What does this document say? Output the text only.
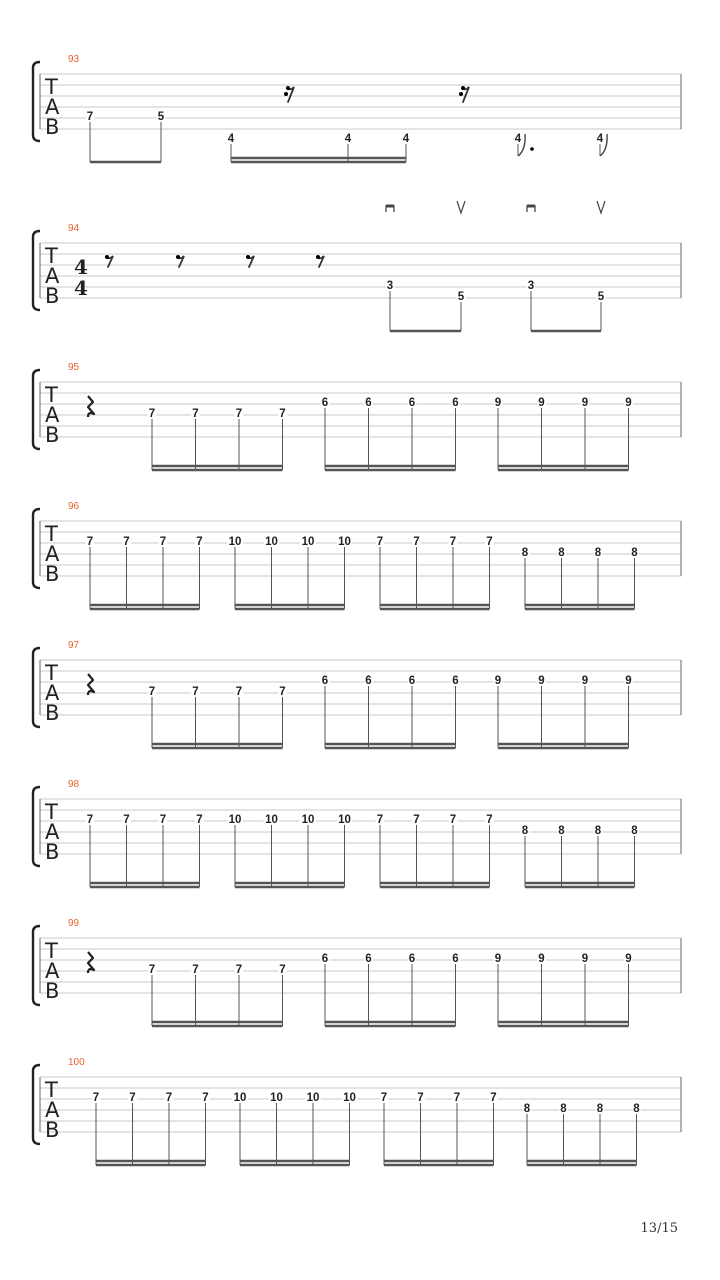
T
A
B
93
7	5
4	4	4	4	4
T
A
B
94
4
4	3
5
3
5
T
A
B
95
7	7	7	7
6	6	6	6	9	9	9	9
T
A
B
96
7	7	7	7 10 10 10 10 7	7	7	7
8	8	8	8
T
A
B
97
7	7	7	7
6	6	6	6	9	9	9	9
T
A
B
98
7	7	7	7 10 10 10 10 7	7	7	7
8	8	8	8
T
A
B
99
7	7	7	7
6	6	6	6	9	9	9	9
T
A
B
100
7	7	7	7 10 10 10 10 7	7	7	7
8	8	8	8
13/15
